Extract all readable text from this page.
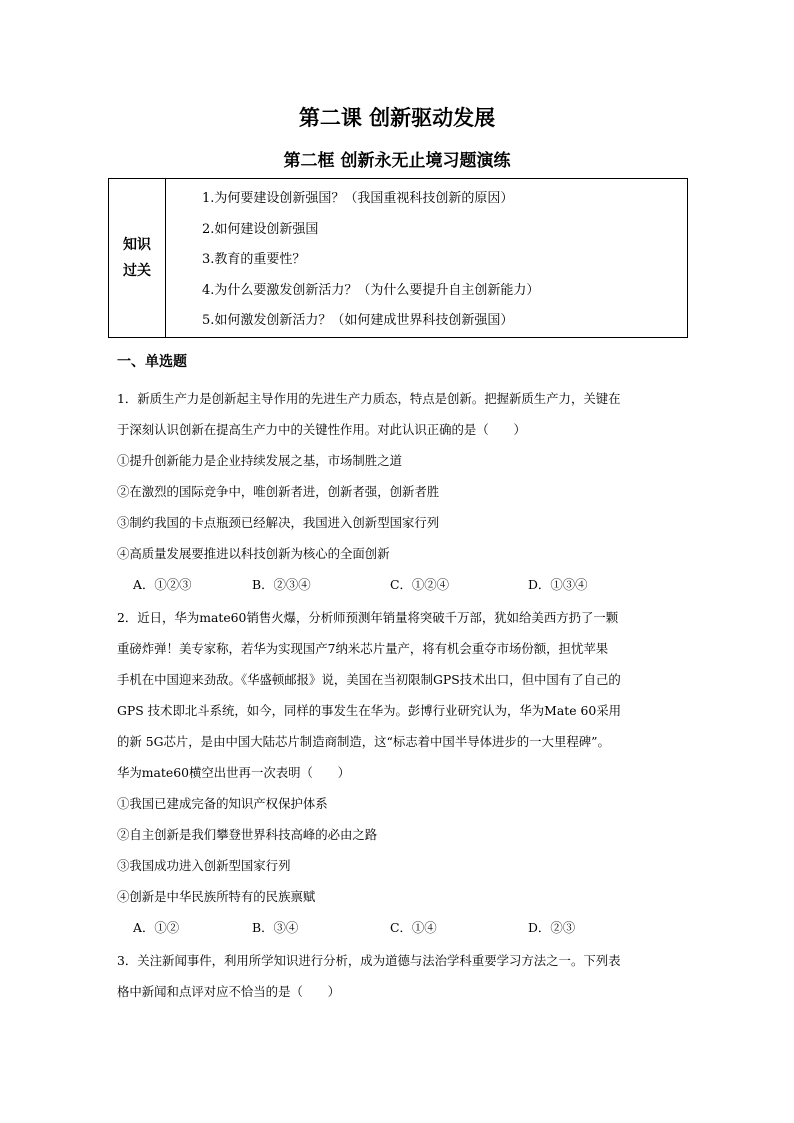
第二课 创新驱动发展
第二框 创新永无止境习题演练
知识
过关

1.为何要建设创新强国？（我国重视科技创新的原因）
2.如何建设创新强国
3.教育的重要性？
4.为什么要激发创新活力？（为什么要提升自主创新能力）
5.如何激发创新活力？（如何建成世界科技创新强国）
一、单选题
1．新质生产力是创新起主导作用的先进生产力质态，特点是创新。把握新质生产力，关键在
于深刻认识创新在提高生产力中的关键性作用。对此认识正确的是（　　）
①提升创新能力是企业持续发展之基，市场制胜之道
②在激烈的国际竞争中，唯创新者进，创新者强，创新者胜
③制约我国的卡点瓶颈已经解决，我国进入创新型国家行列
④高质量发展要推进以科技创新为核心的全面创新
A．①②③	B．②③④	C．①②④	D．①③④
2．近日，华为mate60销售火爆，分析师预测年销量将突破千万部，犹如给美西方扔了一颗
重磅炸弹！美专家称，若华为实现国产7纳米芯片量产，将有机会重夺市场份额，担忧苹果
手机在中国迎来劲敌。《华盛顿邮报》说，美国在当初限制GPS技术出口，但中国有了自己的
GPS 技术即北斗系统，如今，同样的事发生在华为。彭博行业研究认为，华为Mate 60采用
的新 5G芯片，是由中国大陆芯片制造商制造，这“标志着中国半导体进步的一大里程碑”。
华为mate60横空出世再一次表明（　　）
①我国已建成完备的知识产权保护体系
②自主创新是我们攀登世界科技高峰的必由之路
③我国成功进入创新型国家行列
④创新是中华民族所特有的民族禀赋
A．①②	B．③④	C．①④	D．②③
3．关注新闻事件，利用所学知识进行分析，成为道德与法治学科重要学习方法之一。下列表
格中新闻和点评对应不恰当的是（　　）
